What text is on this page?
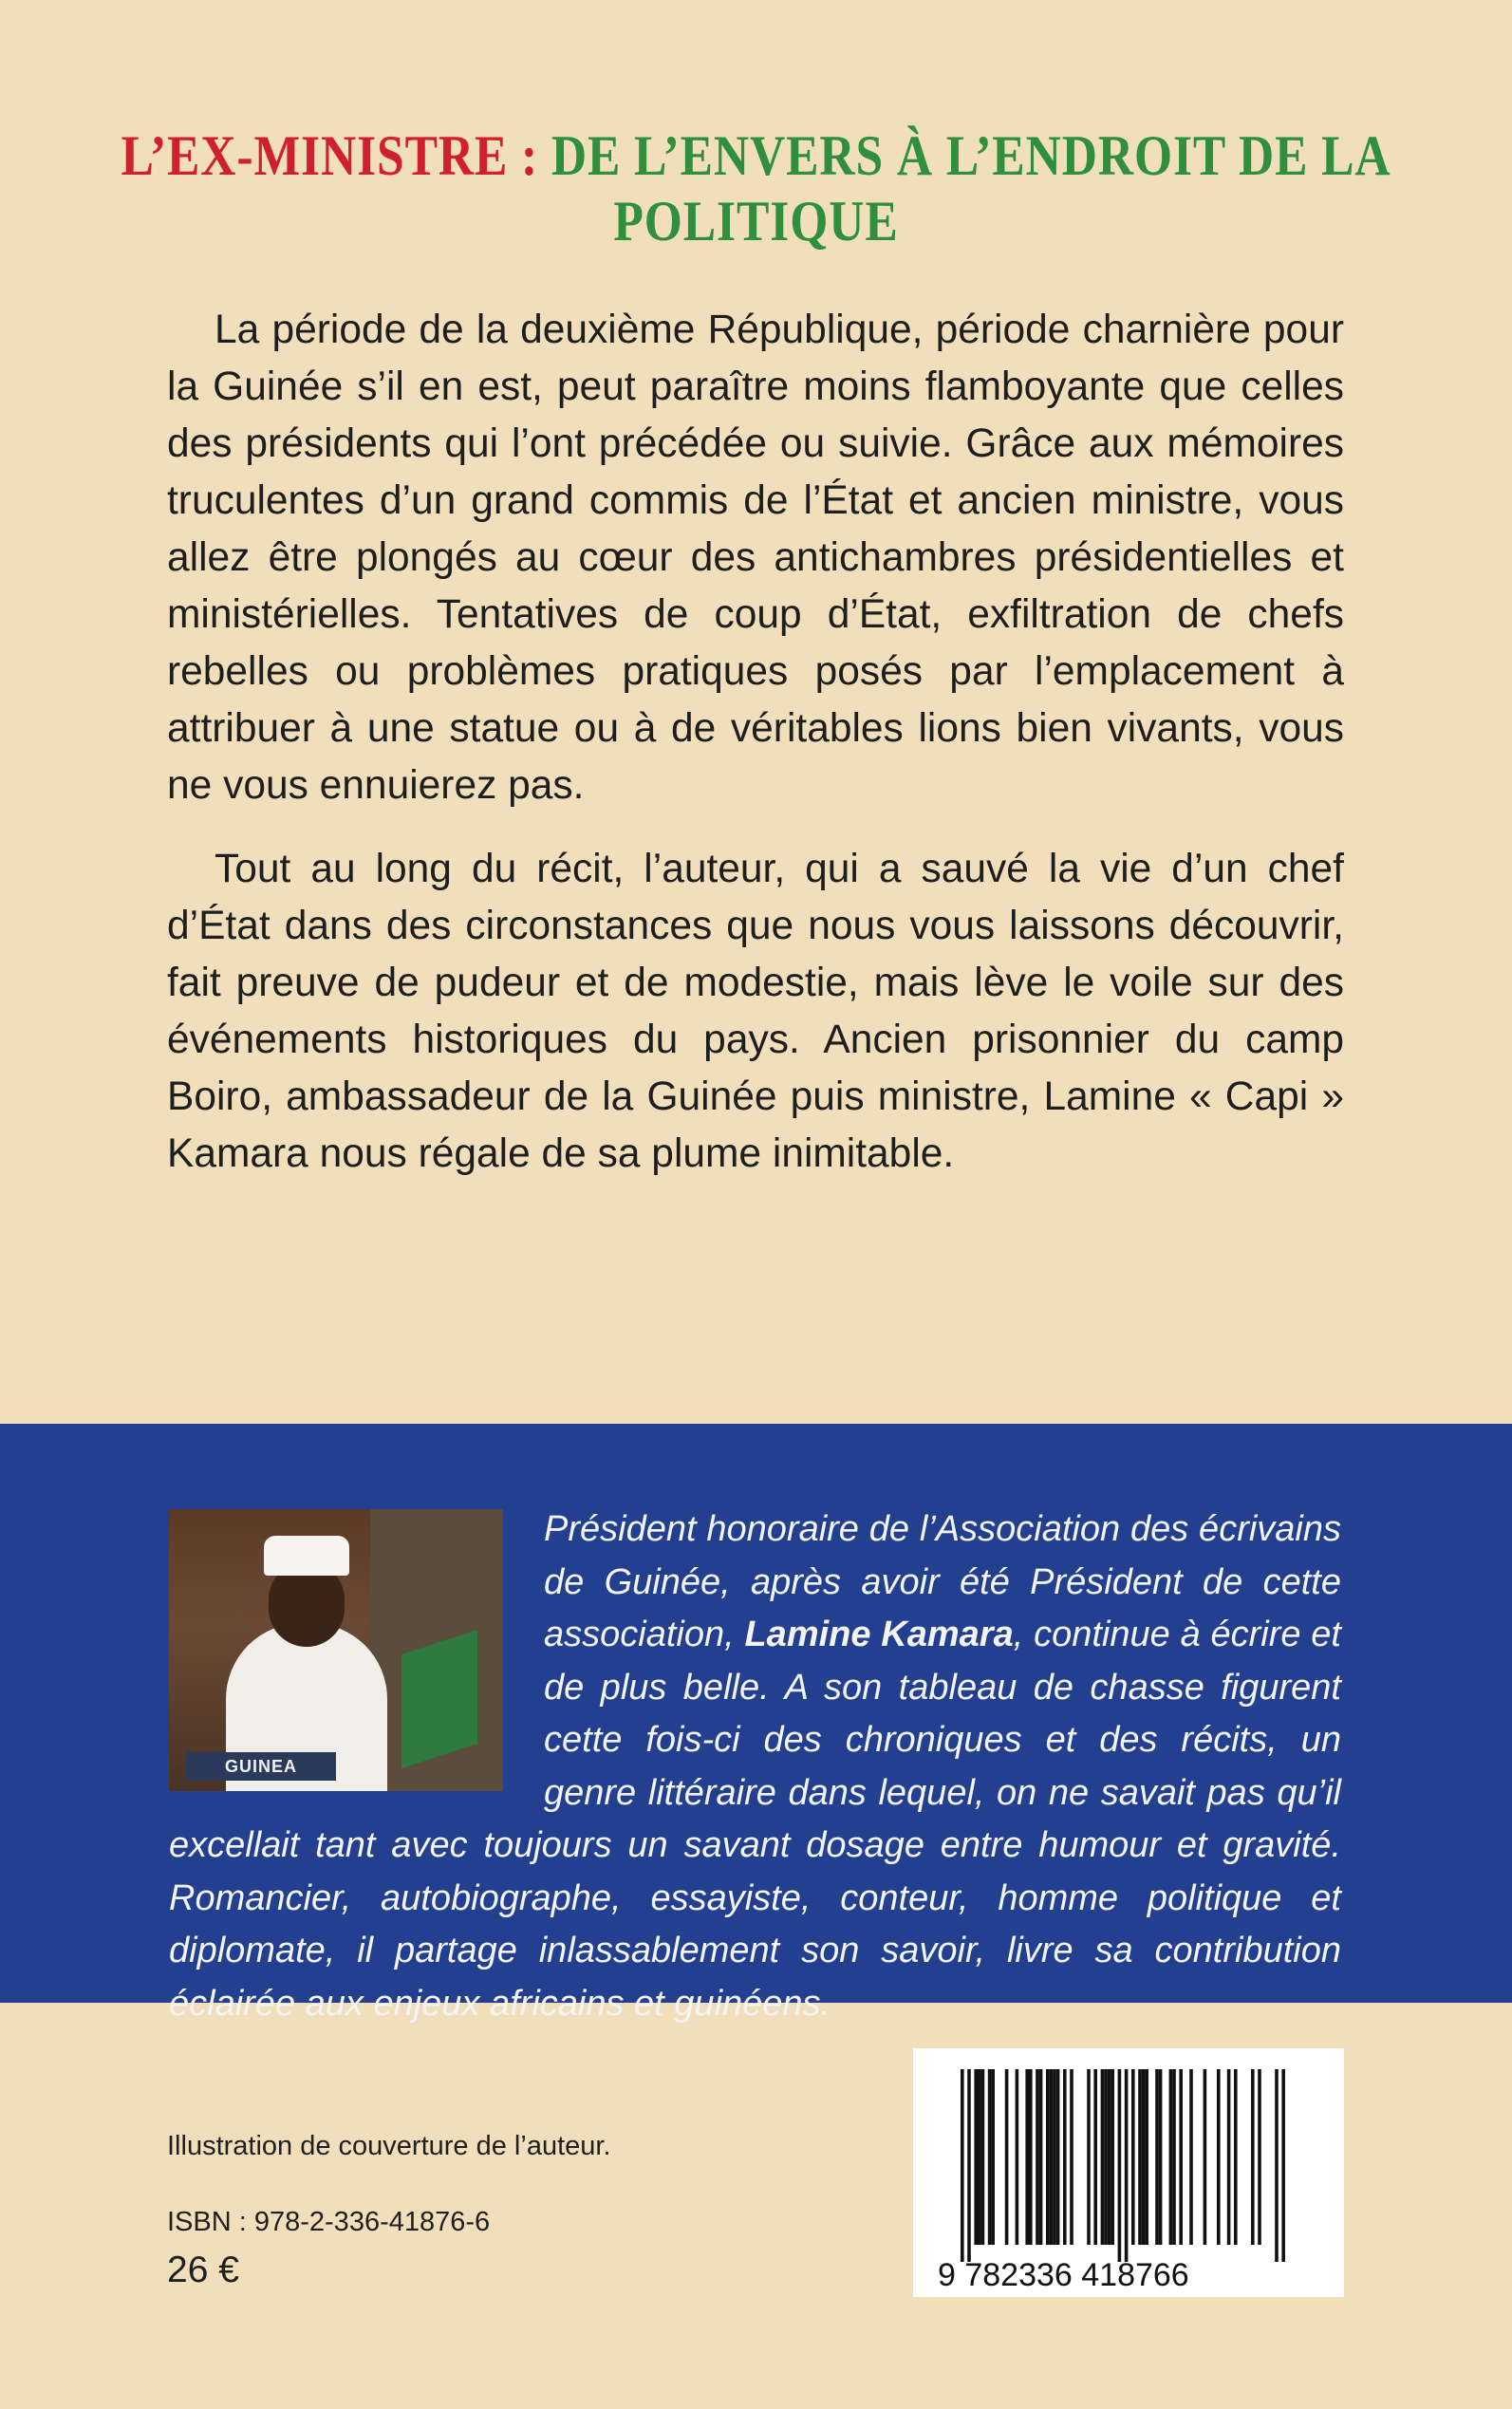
L’EX-MINISTRE : DE L’ENVERS À L’ENDROIT DE LA POLITIQUE

La période de la deuxième République, période charnière pour la Guinée s’il en est, peut paraître moins flamboyante que celles des présidents qui l’ont précédée ou suivie. Grâce aux mémoires truculentes d’un grand commis de l’État et ancien ministre, vous allez être plongés au cœur des antichambres présidentielles et ministérielles. Tentatives de coup d’État, exfiltration de chefs rebelles ou problèmes pratiques posés par l’emplacement à attribuer à une statue ou à de véritables lions bien vivants, vous ne vous ennuierez pas.

Tout au long du récit, l’auteur, qui a sauvé la vie d’un chef d’État dans des circonstances que nous vous laissons découvrir, fait preuve de pudeur et de modestie, mais lève le voile sur des événements historiques du pays. Ancien prisonnier du camp Boiro, ambassadeur de la Guinée puis ministre, Lamine « Capi » Kamara nous régale de sa plume inimitable.

GUINEA
Président honoraire de l’Association des écrivains de Guinée, après avoir été Président de cette association, Lamine Kamara, continue à écrire et de plus belle. A son tableau de chasse figurent cette fois-ci des chroniques et des récits, un genre littéraire dans lequel, on ne savait pas qu’il excellait tant avec toujours un savant dosage entre humour et gravité. Romancier, autobiographe, essayiste, conteur, homme politique et diplomate, il partage inlassablement son savoir, livre sa contribution éclairée aux enjeux africains et guinéens.
Illustration de couverture de l’auteur.
ISBN : 978-2-336-41876-6
26 €	9 782336 418766
